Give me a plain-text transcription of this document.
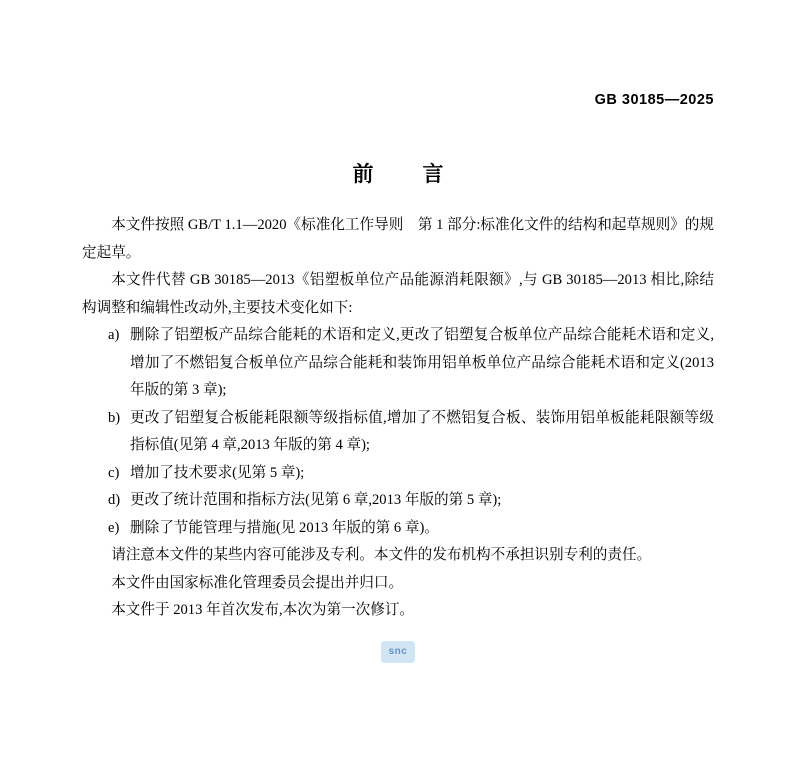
GB 30185—2025
前　言

本文件按照 GB/T 1.1—2020《标准化工作导则　第 1 部分:标准化文件的结构和起草规则》的规定起草。

本文件代替 GB 30185—2013《铝塑板单位产品能源消耗限额》,与 GB 30185—2013 相比,除结构调整和编辑性改动外,主要技术变化如下:

a) 删除了铝塑板产品综合能耗的术语和定义,更改了铝塑复合板单位产品综合能耗术语和定义,增加了不燃铝复合板单位产品综合能耗和装饰用铝单板单位产品综合能耗术语和定义(2013 年版的第 3 章);
b) 更改了铝塑复合板能耗限额等级指标值,增加了不燃铝复合板、装饰用铝单板能耗限额等级指标值(见第 4 章,2013 年版的第 4 章);
c) 增加了技术要求(见第 5 章);
d) 更改了统计范围和指标方法(见第 6 章,2013 年版的第 5 章);
e) 删除了节能管理与措施(见 2013 年版的第 6 章)。

请注意本文件的某些内容可能涉及专利。本文件的发布机构不承担识别专利的责任。

本文件由国家标准化管理委员会提出并归口。

本文件于 2013 年首次发布,本次为第一次修订。

snc
